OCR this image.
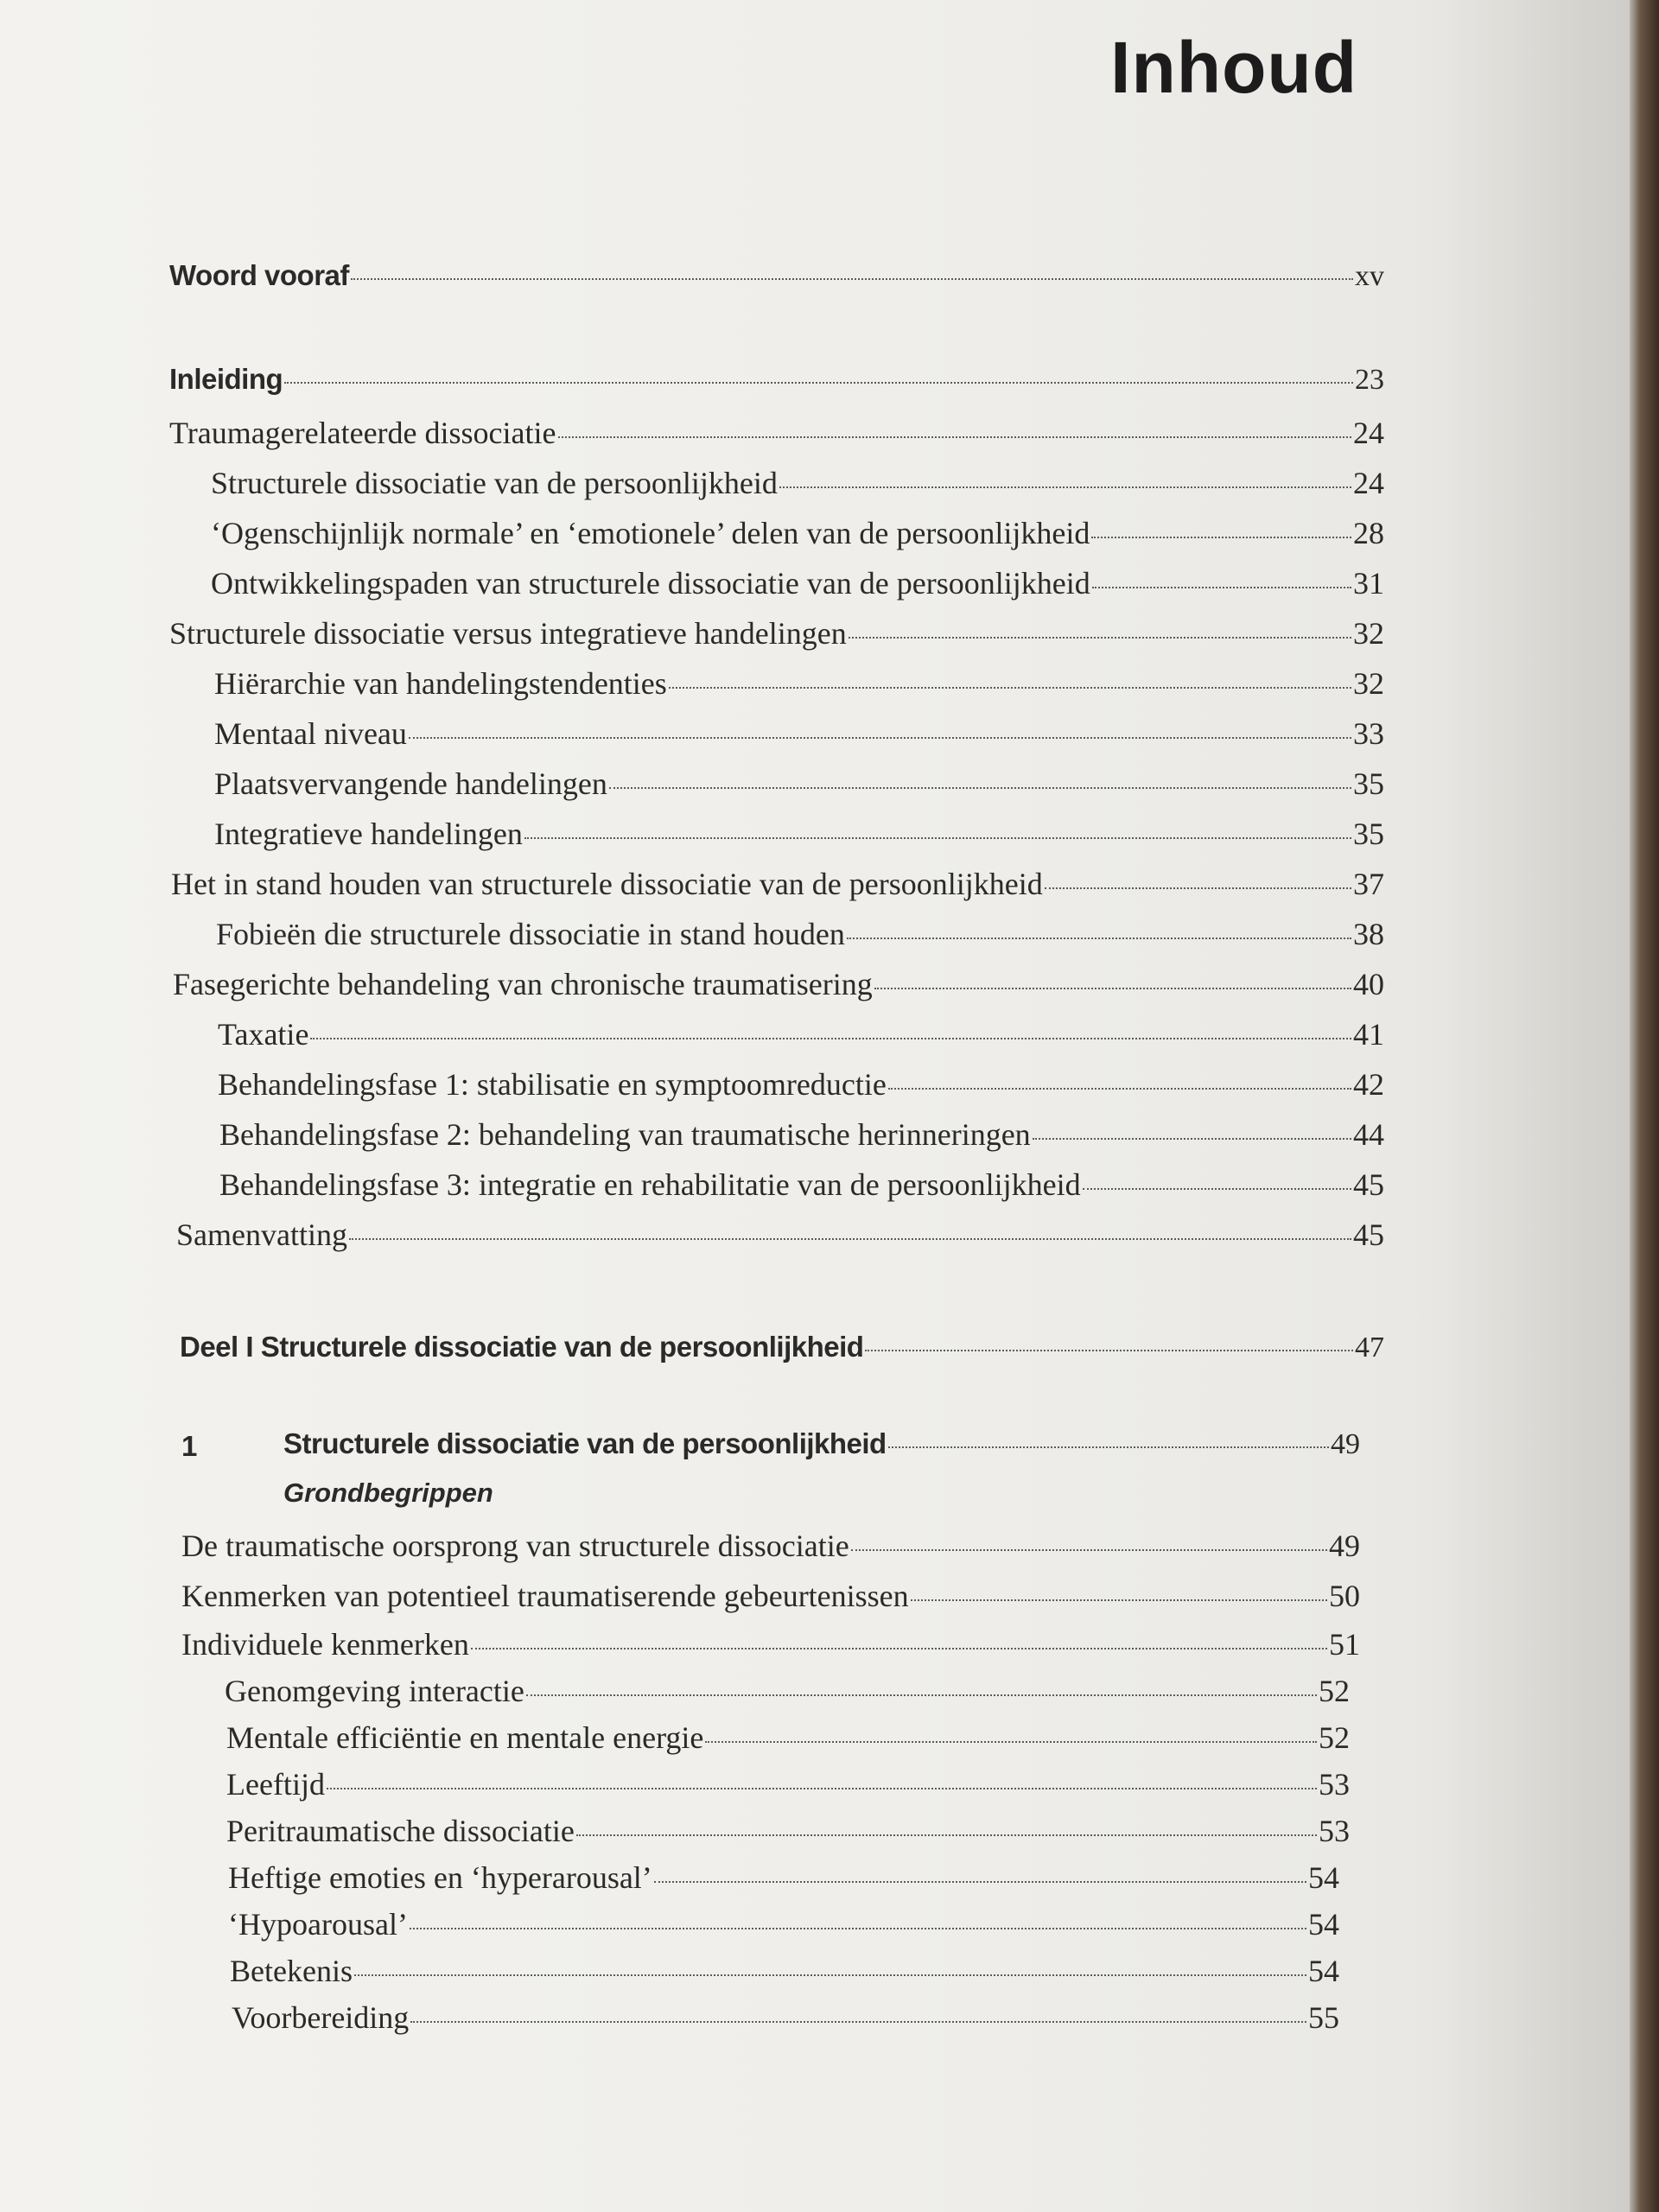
Inhoud
Woord vooraf	xv
Inleiding	23
Traumagerelateerde dissociatie	24
Structurele dissociatie van de persoonlijkheid	24
‘Ogenschijnlijk normale’ en ‘emotionele’ delen van de persoonlijkheid	28
Ontwikkelingspaden van structurele dissociatie van de persoonlijkheid	31
Structurele dissociatie versus integratieve handelingen	32
Hiërarchie van handelingstendenties	32
Mentaal niveau	33
Plaatsvervangende handelingen	35
Integratieve handelingen	35
Het in stand houden van structurele dissociatie van de persoonlijkheid	37
Fobieën die structurele dissociatie in stand houden	38
Fasegerichte behandeling van chronische traumatisering	40
Taxatie	41
Behandelingsfase 1: stabilisatie en symptoomreductie	42
Behandelingsfase 2: behandeling van traumatische herinneringen	44
Behandelingsfase 3: integratie en rehabilitatie van de persoonlijkheid	45
Samenvatting	45
Deel I Structurele dissociatie van de persoonlijkheid	47
1	Structurele dissociatie van de persoonlijkheid	49
Grondbegrippen
De traumatische oorsprong van structurele dissociatie	49
Kenmerken van potentieel traumatiserende gebeurtenissen	50
Individuele kenmerken	51
Genomgeving interactie	52
Mentale efficiëntie en mentale energie	52
Leeftijd	53
Peritraumatische dissociatie	53
Heftige emoties en ‘hyperarousal’	54
‘Hypoarousal’	54
Betekenis	54
Voorbereiding	55
